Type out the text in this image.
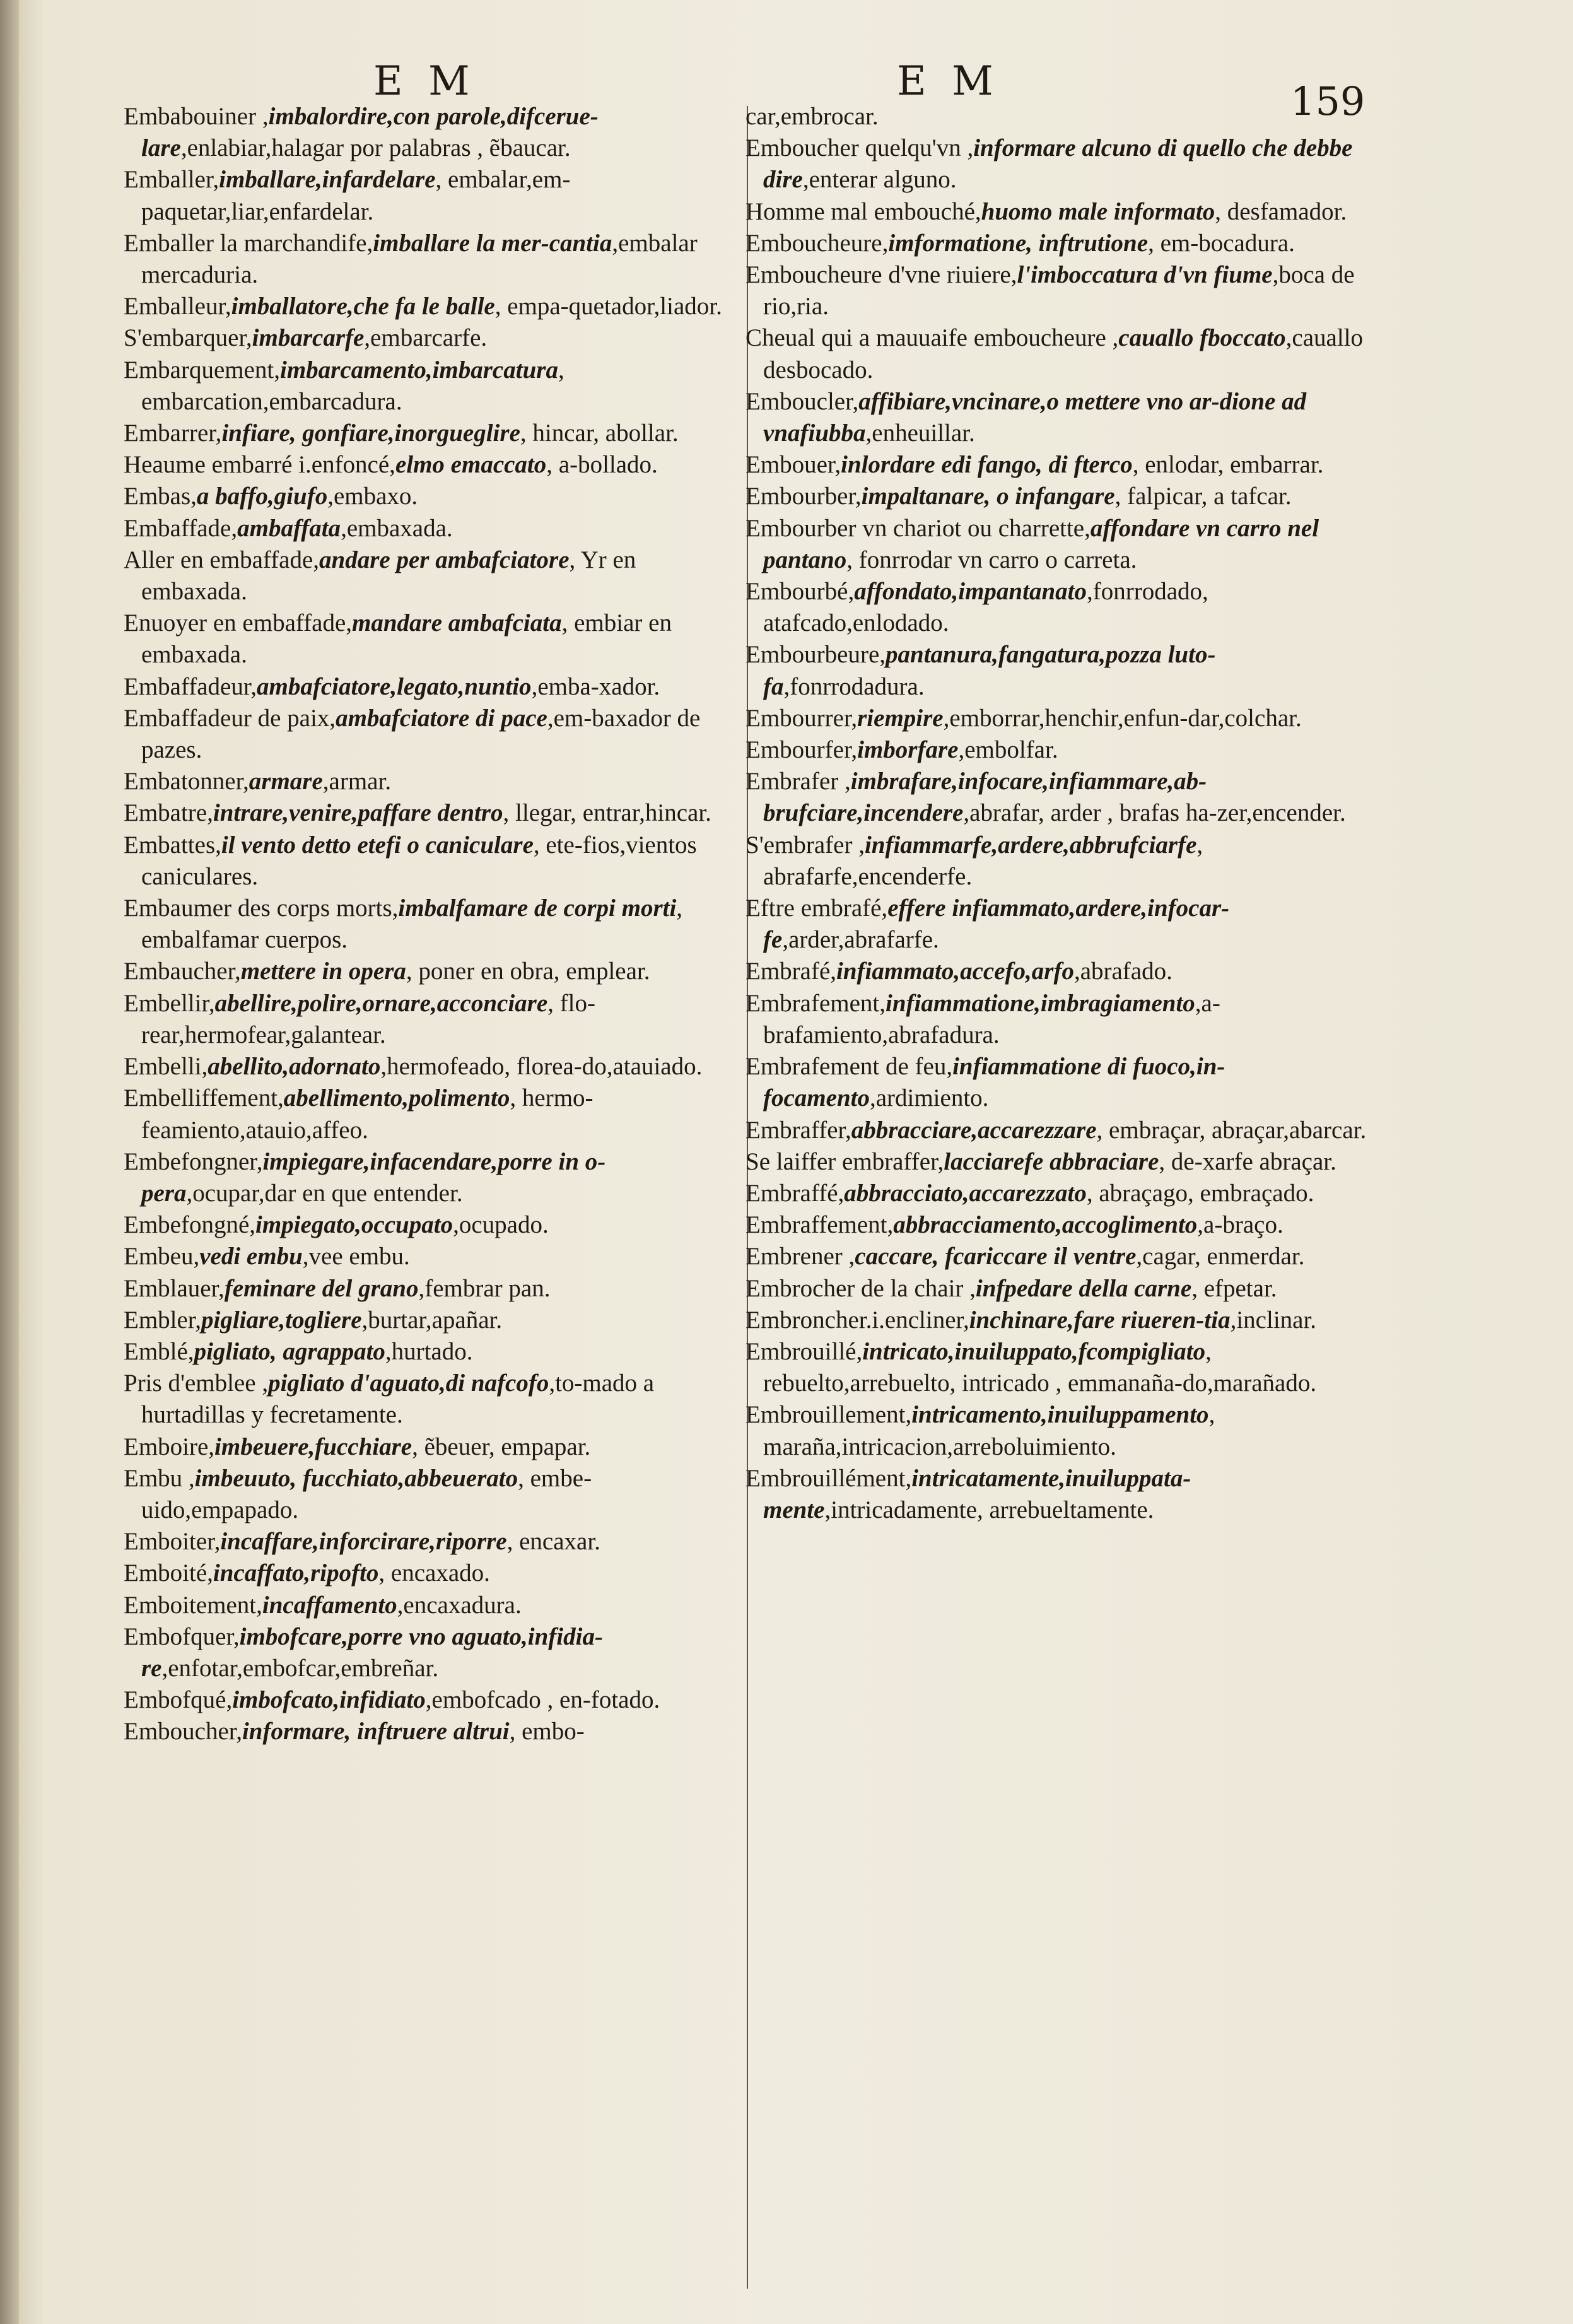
E M	E M	159

Embabouiner ,imbalordire,con parole,difcerue-lare,enlabiar,halagar por palabras , ẽbaucar.

Emballer,imballare,infardelare, embalar,em-paquetar,liar,enfardelar.

Emballer la marchandife,imballare la mer-cantia,embalar mercaduria.

Emballeur,imballatore,che fa le balle, empa-quetador,liador.

S'embarquer,imbarcarfe,embarcarfe.

Embarquement,imbarcamento,imbarcatura, embarcation,embarcadura.

Embarrer,infiare, gonfiare,inorgueglire, hincar, abollar.

Heaume embarré i.enfoncé,elmo emaccato, a-bollado.

Embas,a baffo,giufo,embaxo.

Embaffade,ambaffata,embaxada.

Aller en embaffade,andare per ambafciatore, Yr en embaxada.

Enuoyer en embaffade,mandare ambafciata, embiar en embaxada.

Embaffadeur,ambafciatore,legato,nuntio,emba-xador.

Embaffadeur de paix,ambafciatore di pace,em-baxador de pazes.

Embatonner,armare,armar.

Embatre,intrare,venire,paffare dentro, llegar, entrar,hincar.

Embattes,il vento detto etefi o caniculare, ete-fios,vientos caniculares.

Embaumer des corps morts,imbalfamare de corpi morti, embalfamar cuerpos.

Embaucher,mettere in opera, poner en obra, emplear.

Embellir,abellire,polire,ornare,acconciare, flo-rear,hermofear,galantear.

Embelli,abellito,adornato,hermofeado, florea-do,atauiado.

Embelliffement,abellimento,polimento, hermo-feamiento,atauio,affeo.

Embefongner,impiegare,infacendare,porre in o-pera,ocupar,dar en que entender.

Embefongné,impiegato,occupato,ocupado.

Embeu,vedi embu,vee embu.

Emblauer,feminare del grano,fembrar pan.

Embler,pigliare,togliere,burtar,apañar.

Emblé,pigliato, agrappato,hurtado.

Pris d'emblee ,pigliato d'aguato,di nafcofo,to-mado a hurtadillas y fecretamente.

Emboire,imbeuere,fucchiare, ẽbeuer, empapar.

Embu ,imbeuuto, fucchiato,abbeuerato, embe-uido,empapado.

Emboiter,incaffare,inforcirare,riporre, encaxar.

Emboité,incaffato,ripofto, encaxado.

Emboitement,incaffamento,encaxadura.

Embofquer,imbofcare,porre vno aguato,infidia-re,enfotar,embofcar,embreñar.

Embofqué,imbofcato,infidiato,embofcado , en-fotado.

Emboucher,informare, inftruere altrui, embo-

car,embrocar.

Emboucher quelqu'vn ,informare alcuno di quello che debbe dire,enterar alguno.

Homme mal embouché,huomo male informato, desfamador.

Emboucheure,imformatione, inftrutione, em-bocadura.

Emboucheure d'vne riuiere,l'imboccatura d'vn fiume,boca de rio,ria.

Cheual qui a mauuaife emboucheure ,cauallo fboccato,cauallo desbocado.

Emboucler,affibiare,vncinare,o mettere vno ar-dione ad vnafiubba,enheuillar.

Embouer,inlordare edi fango, di fterco, enlodar, embarrar.

Embourber,impaltanare, o infangare, falpicar, a tafcar.

Embourber vn chariot ou charrette,affondare vn carro nel pantano, fonrrodar vn carro o carreta.

Embourbé,affondato,impantanato,fonrrodado, atafcado,enlodado.

Embourbeure,pantanura,fangatura,pozza luto-fa,fonrrodadura.

Embourrer,riempire,emborrar,henchir,enfun-dar,colchar.

Embourfer,imborfare,embolfar.

Embrafer ,imbrafare,infocare,infiammare,ab-brufciare,incendere,abrafar, arder , brafas ha-zer,encender.

S'embrafer ,infiammarfe,ardere,abbrufciarfe, abrafarfe,encenderfe.

Eftre embrafé,effere infiammato,ardere,infocar-fe,arder,abrafarfe.

Embrafé,infiammato,accefo,arfo,abrafado.

Embrafement,infiammatione,imbragiamento,a-brafamiento,abrafadura.

Embrafement de feu,infiammatione di fuoco,in-focamento,ardimiento.

Embraffer,abbracciare,accarezzare, embraçar, abraçar,abarcar.

Se laiffer embraffer,lacciarefe abbraciare, de-xarfe abraçar.

Embraffé,abbracciato,accarezzato, abraçago, embraçado.

Embraffement,abbracciamento,accoglimento,a-braço.

Embrener ,caccare, fcariccare il ventre,cagar, enmerdar.

Embrocher de la chair ,infpedare della carne, efpetar.

Embroncher.i.encliner,inchinare,fare riueren-tia,inclinar.

Embrouillé,intricato,inuiluppato,fcompigliato, rebuelto,arrebuelto, intricado , emmanaña-do,marañado.

Embrouillement,intricamento,inuiluppamento, maraña,intricacion,arreboluimiento.

Embrouillément,intricatamente,inuiluppata-mente,intricadamente, arrebueltamente.
